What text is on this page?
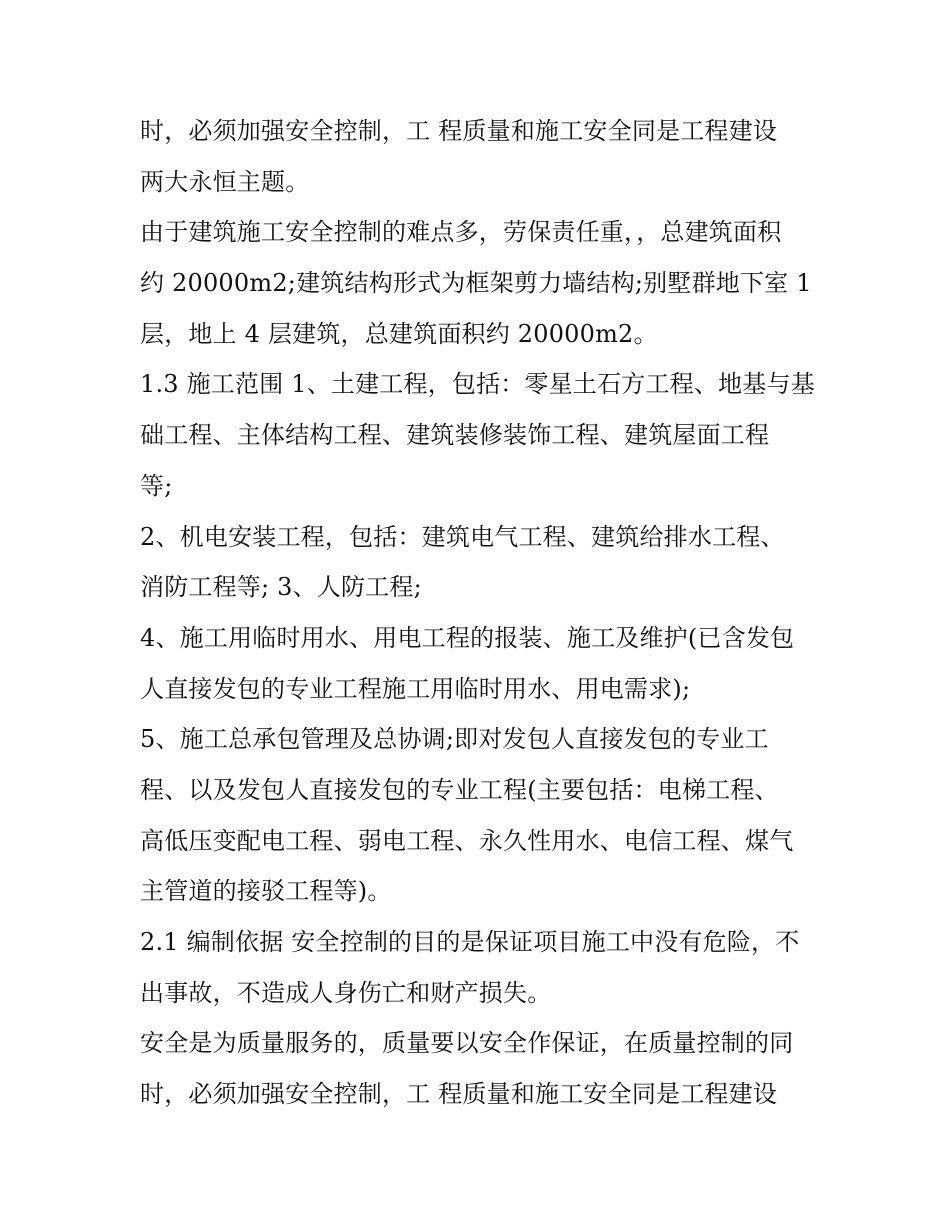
时，必须加强安全控制，工 程质量和施工安全同是工程建设
两大永恒主题。
由于建筑施工安全控制的难点多，劳保责任重，，总建筑面积
约 20000m2;建筑结构形式为框架剪力墙结构;别墅群地下室 1
层，地上 4 层建筑，总建筑面积约 20000m2。
1.3 施工范围 1、土建工程，包括：零星土石方工程、地基与基
础工程、主体结构工程、建筑装修装饰工程、建筑屋面工程
等;
2、机电安装工程，包括：建筑电气工程、建筑给排水工程、
消防工程等; 3、人防工程;
4、施工用临时用水、用电工程的报装、施工及维护(已含发包
人直接发包的专业工程施工用临时用水、用电需求);
5、施工总承包管理及总协调;即对发包人直接发包的专业工
程、以及发包人直接发包的专业工程(主要包括：电梯工程、
高低压变配电工程、弱电工程、永久性用水、电信工程、煤气
主管道的接驳工程等)。
2.1 编制依据 安全控制的目的是保证项目施工中没有危险，不
出事故，不造成人身伤亡和财产损失。
安全是为质量服务的，质量要以安全作保证，在质量控制的同
时，必须加强安全控制，工 程质量和施工安全同是工程建设
